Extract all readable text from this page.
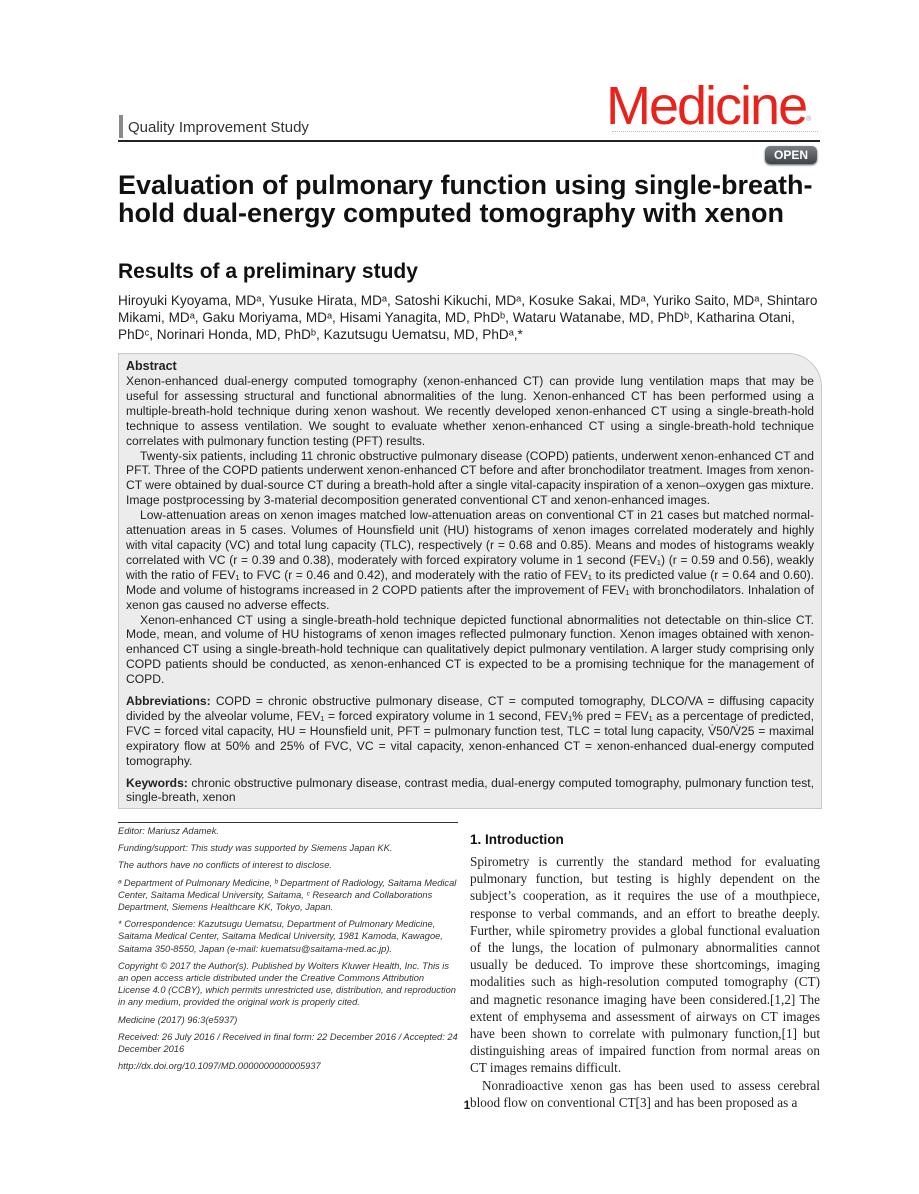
Quality Improvement Study	Medicine®
OPEN
Evaluation of pulmonary function using single-breath-hold dual-energy computed tomography with xenon
Results of a preliminary study
Hiroyuki Kyoyama, MDᵃ, Yusuke Hirata, MDᵃ, Satoshi Kikuchi, MDᵃ, Kosuke Sakai, MDᵃ, Yuriko Saito, MDᵃ, Shintaro Mikami, MDᵃ, Gaku Moriyama, MDᵃ, Hisami Yanagita, MD, PhDᵇ, Wataru Watanabe, MD, PhDᵇ, Katharina Otani, PhDᶜ, Norinari Honda, MD, PhDᵇ, Kazutsugu Uematsu, MD, PhDᵃ,*
Abstract

Xenon-enhanced dual-energy computed tomography (xenon-enhanced CT) can provide lung ventilation maps that may be useful for assessing structural and functional abnormalities of the lung. Xenon-enhanced CT has been performed using a multiple-breath-hold technique during xenon washout. We recently developed xenon-enhanced CT using a single-breath-hold technique to assess ventilation. We sought to evaluate whether xenon-enhanced CT using a single-breath-hold technique correlates with pulmonary function testing (PFT) results.

Twenty-six patients, including 11 chronic obstructive pulmonary disease (COPD) patients, underwent xenon-enhanced CT and PFT. Three of the COPD patients underwent xenon-enhanced CT before and after bronchodilator treatment. Images from xenon-CT were obtained by dual-source CT during a breath-hold after a single vital-capacity inspiration of a xenon–oxygen gas mixture. Image postprocessing by 3-material decomposition generated conventional CT and xenon-enhanced images.

Low-attenuation areas on xenon images matched low-attenuation areas on conventional CT in 21 cases but matched normal-attenuation areas in 5 cases. Volumes of Hounsfield unit (HU) histograms of xenon images correlated moderately and highly with vital capacity (VC) and total lung capacity (TLC), respectively (r = 0.68 and 0.85). Means and modes of histograms weakly correlated with VC (r = 0.39 and 0.38), moderately with forced expiratory volume in 1 second (FEV₁) (r = 0.59 and 0.56), weakly with the ratio of FEV₁ to FVC (r = 0.46 and 0.42), and moderately with the ratio of FEV₁ to its predicted value (r = 0.64 and 0.60). Mode and volume of histograms increased in 2 COPD patients after the improvement of FEV₁ with bronchodilators. Inhalation of xenon gas caused no adverse effects.

Xenon-enhanced CT using a single-breath-hold technique depicted functional abnormalities not detectable on thin-slice CT. Mode, mean, and volume of HU histograms of xenon images reflected pulmonary function. Xenon images obtained with xenon-enhanced CT using a single-breath-hold technique can qualitatively depict pulmonary ventilation. A larger study comprising only COPD patients should be conducted, as xenon-enhanced CT is expected to be a promising technique for the management of COPD.

Abbreviations: COPD = chronic obstructive pulmonary disease, CT = computed tomography, DLCO/VA = diffusing capacity divided by the alveolar volume, FEV₁ = forced expiratory volume in 1 second, FEV₁% pred = FEV₁ as a percentage of predicted, FVC = forced vital capacity, HU = Hounsfield unit, PFT = pulmonary function test, TLC = total lung capacity, V̇50/V̇25 = maximal expiratory flow at 50% and 25% of FVC, VC = vital capacity, xenon-enhanced CT = xenon-enhanced dual-energy computed tomography.

Keywords: chronic obstructive pulmonary disease, contrast media, dual-energy computed tomography, pulmonary function test, single-breath, xenon

Editor: Mariusz Adamek.

Funding/support: This study was supported by Siemens Japan KK.

The authors have no conflicts of interest to disclose.

ᵃ Department of Pulmonary Medicine, ᵇ Department of Radiology, Saitama Medical Center, Saitama Medical University, Saitama, ᶜ Research and Collaborations Department, Siemens Healthcare KK, Tokyo, Japan.

* Correspondence: Kazutsugu Uematsu, Department of Pulmonary Medicine, Saitama Medical Center, Saitama Medical University, 1981 Kamoda, Kawagoe, Saitama 350-8550, Japan (e-mail: kuematsu@saitama-med.ac.jp).

Copyright © 2017 the Author(s). Published by Wolters Kluwer Health, Inc. This is an open access article distributed under the Creative Commons Attribution License 4.0 (CCBY), which permits unrestricted use, distribution, and reproduction in any medium, provided the original work is properly cited.

Medicine (2017) 96:3(e5937)

Received: 26 July 2016 / Received in final form: 22 December 2016 / Accepted: 24 December 2016

http://dx.doi.org/10.1097/MD.0000000000005937

1. Introduction

Spirometry is currently the standard method for evaluating pulmonary function, but testing is highly dependent on the subject’s cooperation, as it requires the use of a mouthpiece, response to verbal commands, and an effort to breathe deeply. Further, while spirometry provides a global functional evaluation of the lungs, the location of pulmonary abnormalities cannot usually be deduced. To improve these shortcomings, imaging modalities such as high-resolution computed tomography (CT) and magnetic resonance imaging have been considered.[1,2] The extent of emphysema and assessment of airways on CT images have been shown to correlate with pulmonary function,[1] but distinguishing areas of impaired function from normal areas on CT images remains difficult.

Nonradioactive xenon gas has been used to assess cerebral blood flow on conventional CT[3] and has been proposed as a

1
